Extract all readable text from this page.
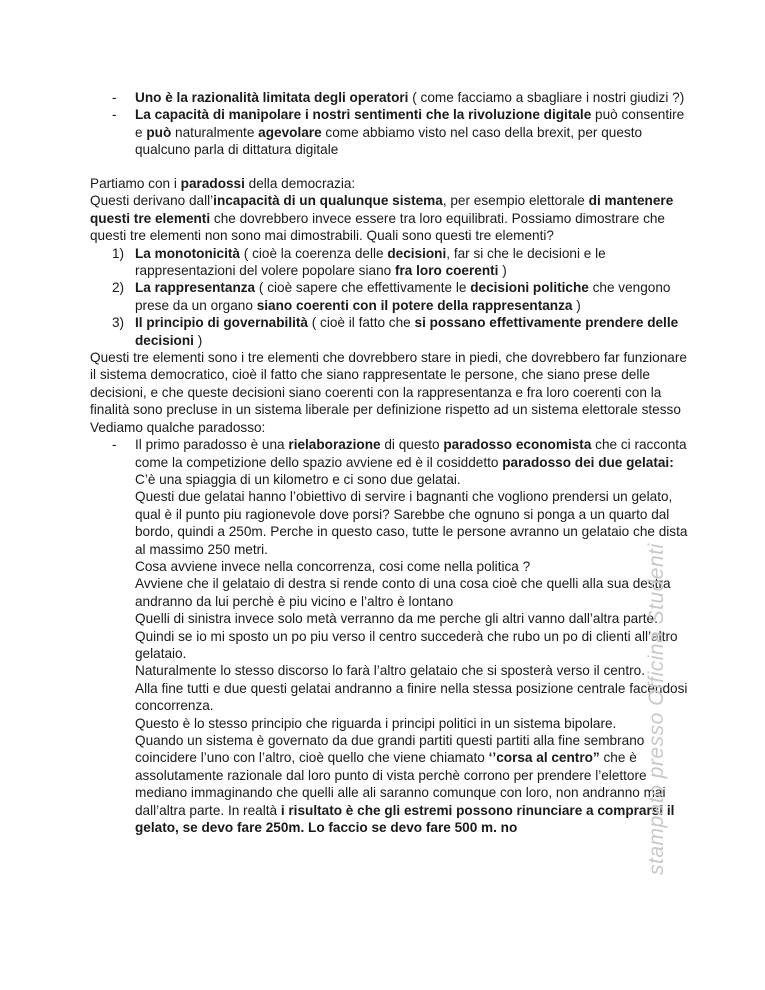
-	Uno è la razionalità limitata degli operatori ( come facciamo a sbagliare i nostri giudizi ?)
-	La capacità di manipolare i nostri sentimenti che la rivoluzione digitale può consentire e può naturalmente agevolare come abbiamo visto nel caso della brexit, per questo qualcuno parla di dittatura digitale

Partiamo con i paradossi della democrazia:

Questi derivano dall’incapacità di un qualunque sistema, per esempio elettorale di mantenere questi tre elementi che dovrebbero invece essere tra loro equilibrati. Possiamo dimostrare che questi tre elementi non sono mai dimostrabili. Quali sono questi tre elementi?

1) La monotonicità ( cioè la coerenza delle decisioni, far si che le decisioni e le rappresentazioni del volere popolare siano fra loro coerenti )
2) La rappresentanza ( cioè sapere che effettivamente le decisioni politiche che vengono prese da un organo siano coerenti con il potere della rappresentanza )
3) Il principio di governabilità ( cioè il fatto che si possano effettivamente prendere delle decisioni )

Questi tre elementi sono i tre elementi che dovrebbero stare in piedi, che dovrebbero far funzionare il sistema democratico, cioè il fatto che siano rappresentate le persone, che siano prese delle decisioni, e che queste decisioni siano coerenti con la rappresentanza e fra loro coerenti con la finalità sono precluse in un sistema liberale per definizione rispetto ad un sistema elettorale stesso

Vediamo qualche paradosso:

-	Il primo paradosso è una rielaborazione di questo paradosso economista che ci racconta come la competizione dello spazio avviene ed è il cosiddetto paradosso dei due gelatai:

C’è una spiaggia di un kilometro e ci sono due gelatai.

Questi due gelatai hanno l’obiettivo di servire i bagnanti che vogliono prendersi un gelato, qual è il punto piu ragionevole dove porsi? Sarebbe che ognuno si ponga a un quarto dal bordo, quindi a 250m. Perche in questo caso, tutte le persone avranno un gelataio che dista al massimo 250 metri.

Cosa avviene invece nella concorrenza, cosi come nella politica ?

Avviene che il gelataio di destra si rende conto di una cosa cioè che quelli alla sua destra andranno da lui perchè è piu vicino e l’altro è lontano

Quelli di sinistra invece solo metà verranno da me perche gli altri vanno dall’altra parte.

Quindi se io mi sposto un po piu verso il centro succederà che rubo un po di clienti all’altro gelataio.

Naturalmente lo stesso discorso lo farà l’altro gelataio che si sposterà verso il centro.

Alla fine tutti e due questi gelatai andranno a finire nella stessa posizione centrale facendosi concorrenza.

Questo è lo stesso principio che riguarda i principi politici in un sistema bipolare.

Quando un sistema è governato da due grandi partiti questi partiti alla fine sembrano coincidere l’uno con l’altro, cioè quello che viene chiamato ‘’corsa al centro” che è assolutamente razionale dal loro punto di vista perchè corrono per prendere l’elettore mediano immaginando che quelli alle ali saranno comunque con loro, non andranno mai dall’altra parte. In realtà i risultato è che gli estremi possono rinunciare a comprarsi il gelato, se devo fare 250m. Lo faccio se devo fare 500 m. no	stampato presso Officina Studenti
